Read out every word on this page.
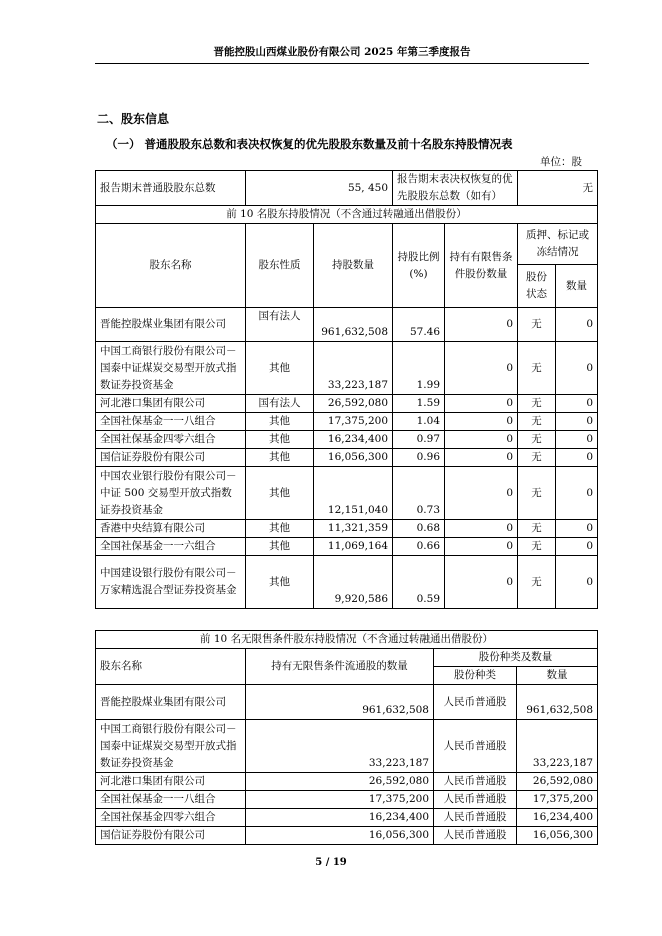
晋能控股山西煤业股份有限公司 2025 年第三季度报告
二、股东信息
（一） 普通股股东总数和表决权恢复的优先股股东数量及前十名股东持股情况表
单位：股
报告期末普通股股东总数	55, 450		报告期末表决权恢复的优先股股东总数（如有）		无	
前 10 名股东持股情况（不含通过转融通出借股份）						
股东名称	股东性质	持股数量	持股比例(%)	持有有限售条件股份数量	质押、标记或冻结情况	
					股份状态	数量
晋能控股煤业集团有限公司	国有法人	961,632,508	57.46	0	无	0
中国工商银行股份有限公司－国泰中证煤炭交易型开放式指数证券投资基金	其他	33,223,187	1.99	0	无	0
河北港口集团有限公司	国有法人	26,592,080	1.59	0	无	0
全国社保基金一一八组合	其他	17,375,200	1.04	0	无	0
全国社保基金四零六组合	其他	16,234,400	0.97	0	无	0
国信证券股份有限公司	其他	16,056,300	0.96	0	无	0
中国农业银行股份有限公司－中证 500 交易型开放式指数证券投资基金	其他	12,151,040	0.73	0	无	0
香港中央结算有限公司	其他	11,321,359	0.68	0	无	0
全国社保基金一一六组合	其他	11,069,164	0.66	0	无	0
中国建设银行股份有限公司－万家精选混合型证券投资基金	其他	9,920,586	0.59	0	无	0
前 10 名无限售条件股东持股情况（不含通过转融通出借股份）			
股东名称	持有无限售条件流通股的数量	股份种类及数量	
		股份种类	数量
晋能控股煤业集团有限公司	961,632,508	人民币普通股	961,632,508
中国工商银行股份有限公司－国泰中证煤炭交易型开放式指数证券投资基金	33,223,187	人民币普通股	33,223,187
河北港口集团有限公司	26,592,080	人民币普通股	26,592,080
全国社保基金一一八组合	17,375,200	人民币普通股	17,375,200
全国社保基金四零六组合	16,234,400	人民币普通股	16,234,400
国信证券股份有限公司	16,056,300	人民币普通股	16,056,300
5 / 19
